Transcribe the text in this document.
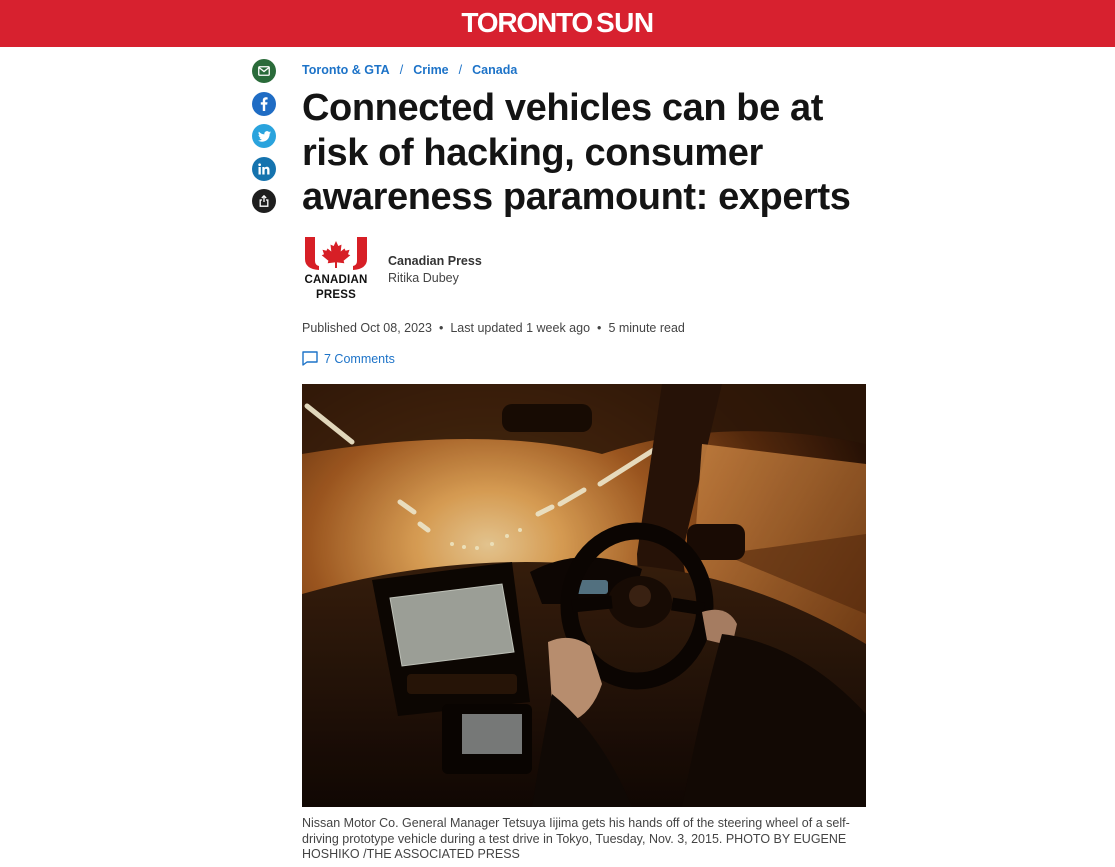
TORONTO SUN
Toronto & GTA / Crime / Canada
Connected vehicles can be at risk of hacking, consumer awareness paramount: experts
CANADIAN
PRESS
Canadian Press
Ritika Dubey
Published Oct 08, 2023 • Last updated 1 week ago • 5 minute read
7 Comments

Nissan Motor Co. General Manager Tetsuya Iijima gets his hands off of the steering wheel of a self-driving prototype vehicle during a test drive in Tokyo, Tuesday, Nov. 3, 2015. PHOTO BY EUGENE HOSHIKO /THE ASSOCIATED PRESS
